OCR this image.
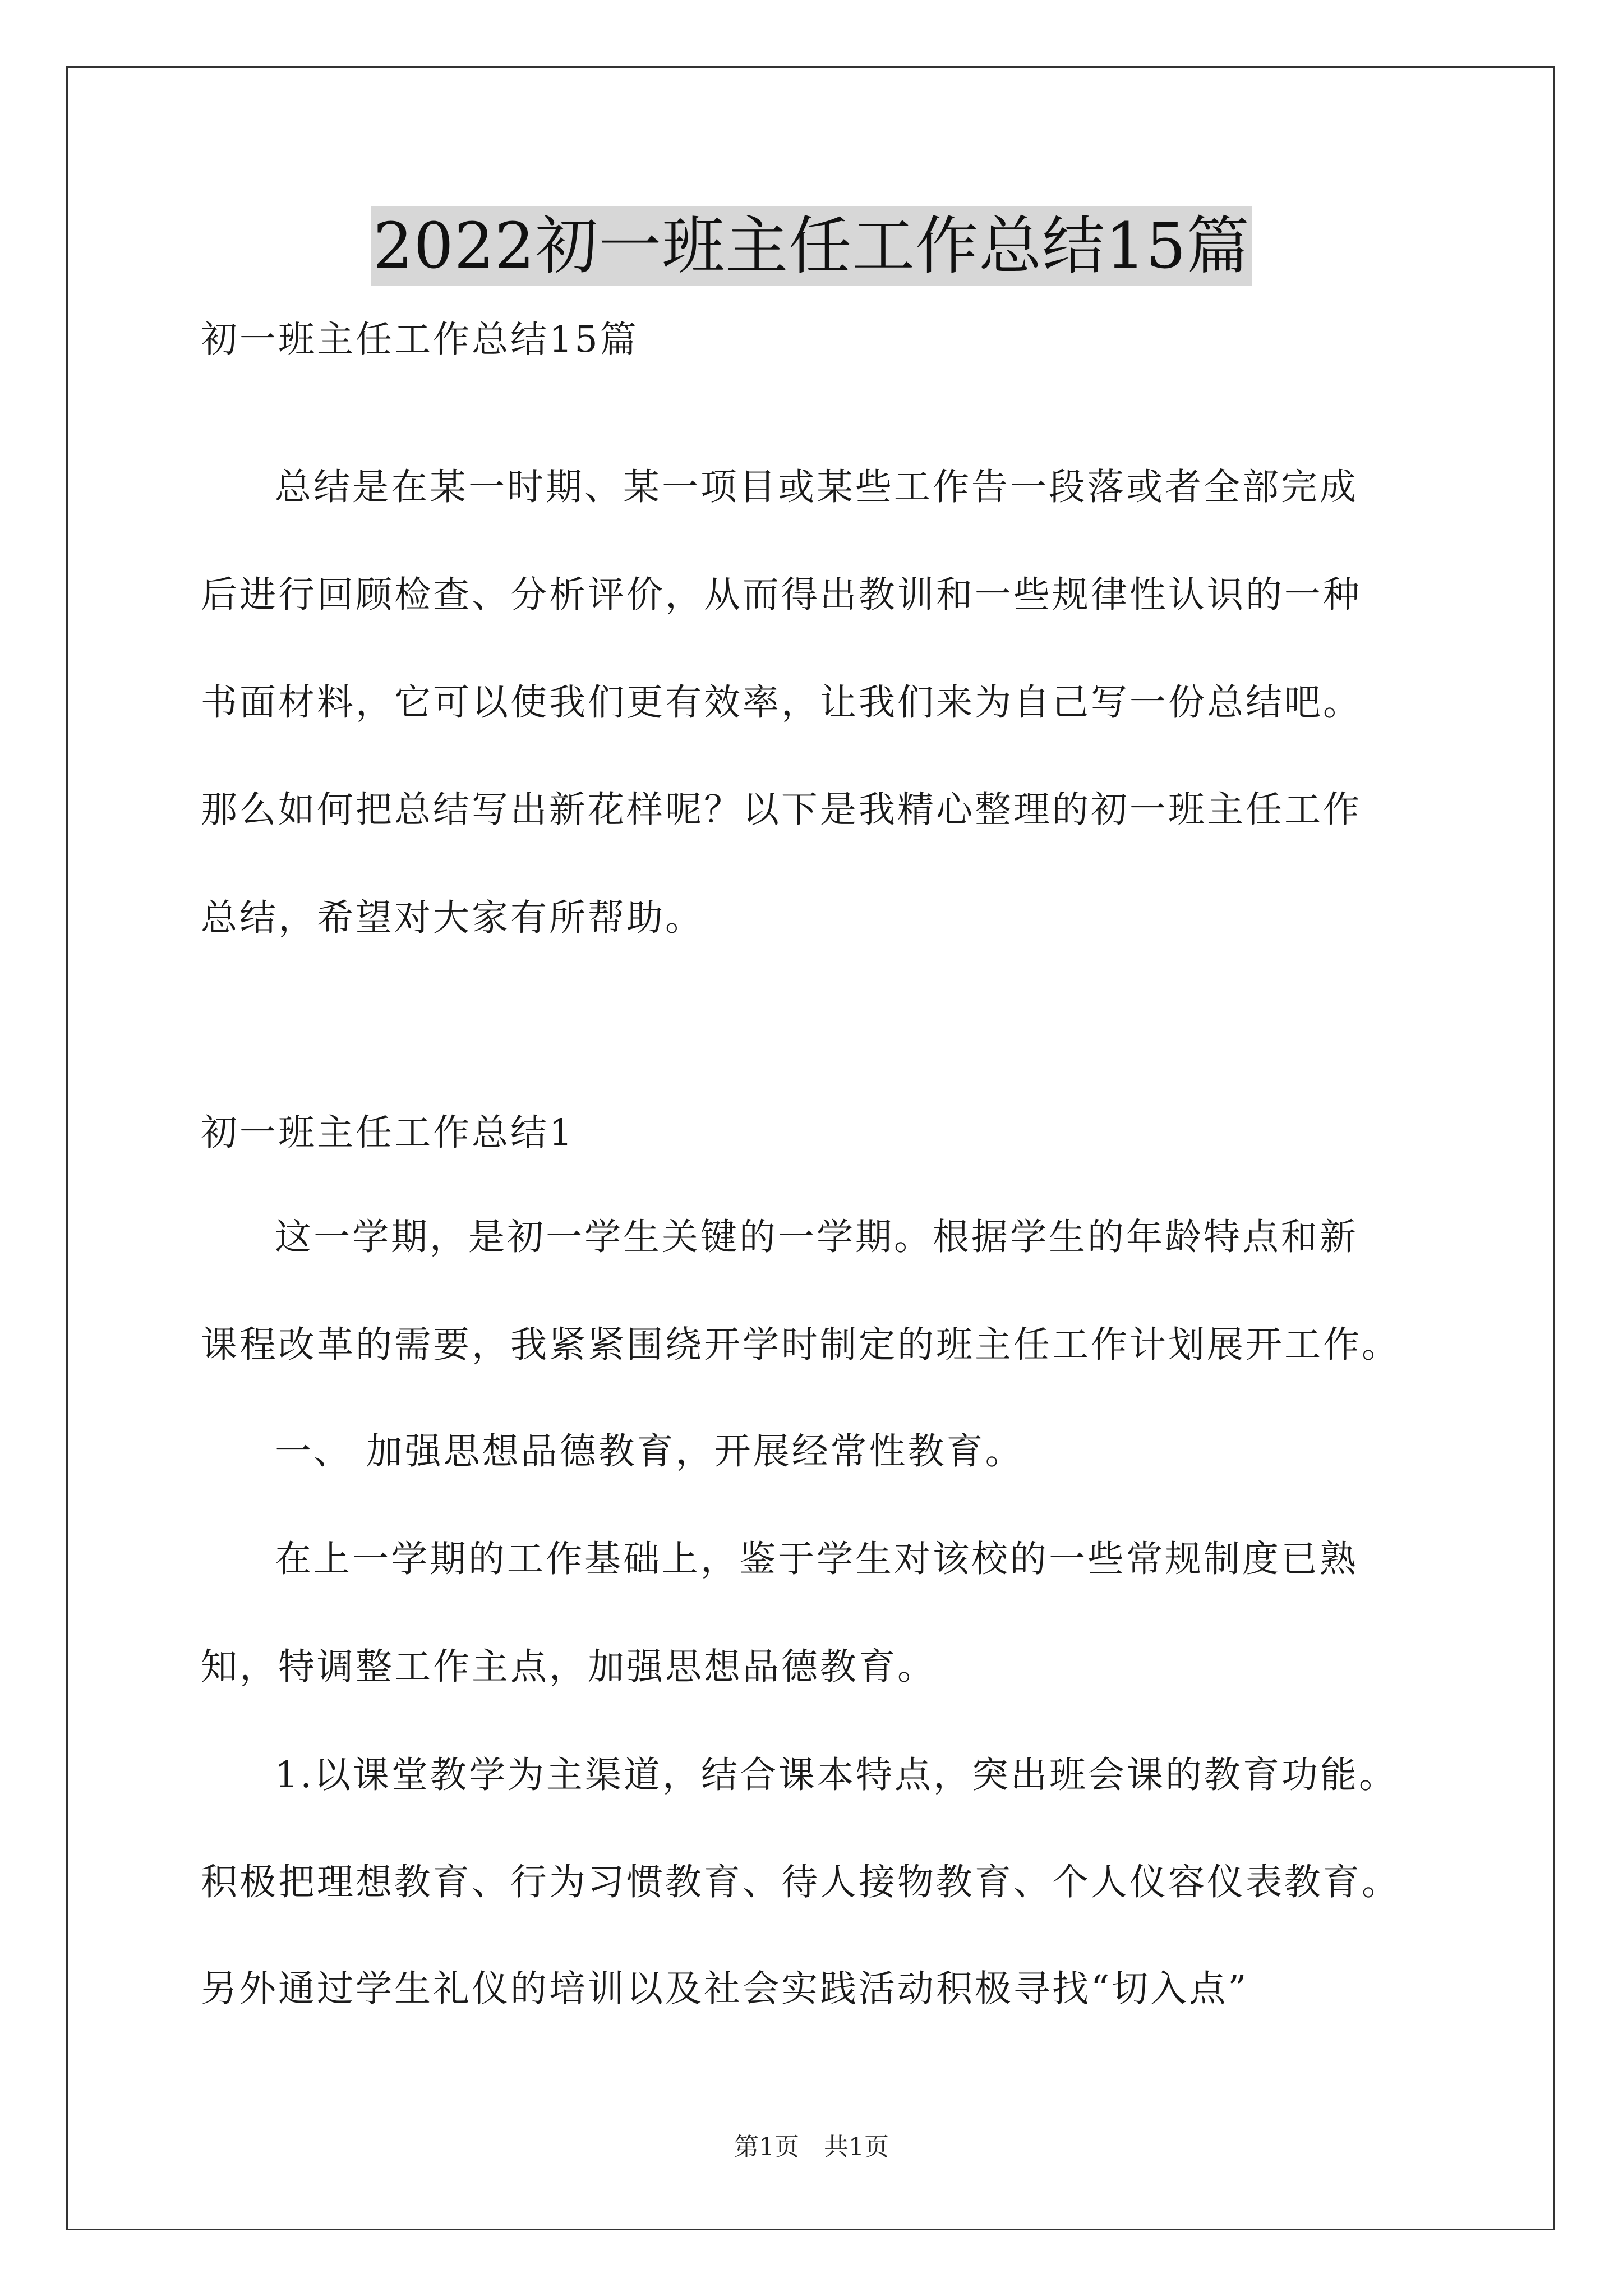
2022初一班主任工作总结15篇
初一班主任工作总结15篇
总结是在某一时期、某一项目或某些工作告一段落或者全部完成
后进行回顾检查、分析评价，从而得出教训和一些规律性认识的一种
书面材料，它可以使我们更有效率，让我们来为自己写一份总结吧。
那么如何把总结写出新花样呢？以下是我精心整理的初一班主任工作
总结，希望对大家有所帮助。
初一班主任工作总结1
这一学期，是初一学生关键的一学期。根据学生的年龄特点和新
课程改革的需要，我紧紧围绕开学时制定的班主任工作计划展开工作。
一、 加强思想品德教育，开展经常性教育。
在上一学期的工作基础上，鉴于学生对该校的一些常规制度已熟
知，特调整工作主点，加强思想品德教育。
1.以课堂教学为主渠道，结合课本特点，突出班会课的教育功能。
积极把理想教育、行为习惯教育、待人接物教育、个人仪容仪表教育。
另外通过学生礼仪的培训以及社会实践活动积极寻找“切入点”
第1页　共1页
